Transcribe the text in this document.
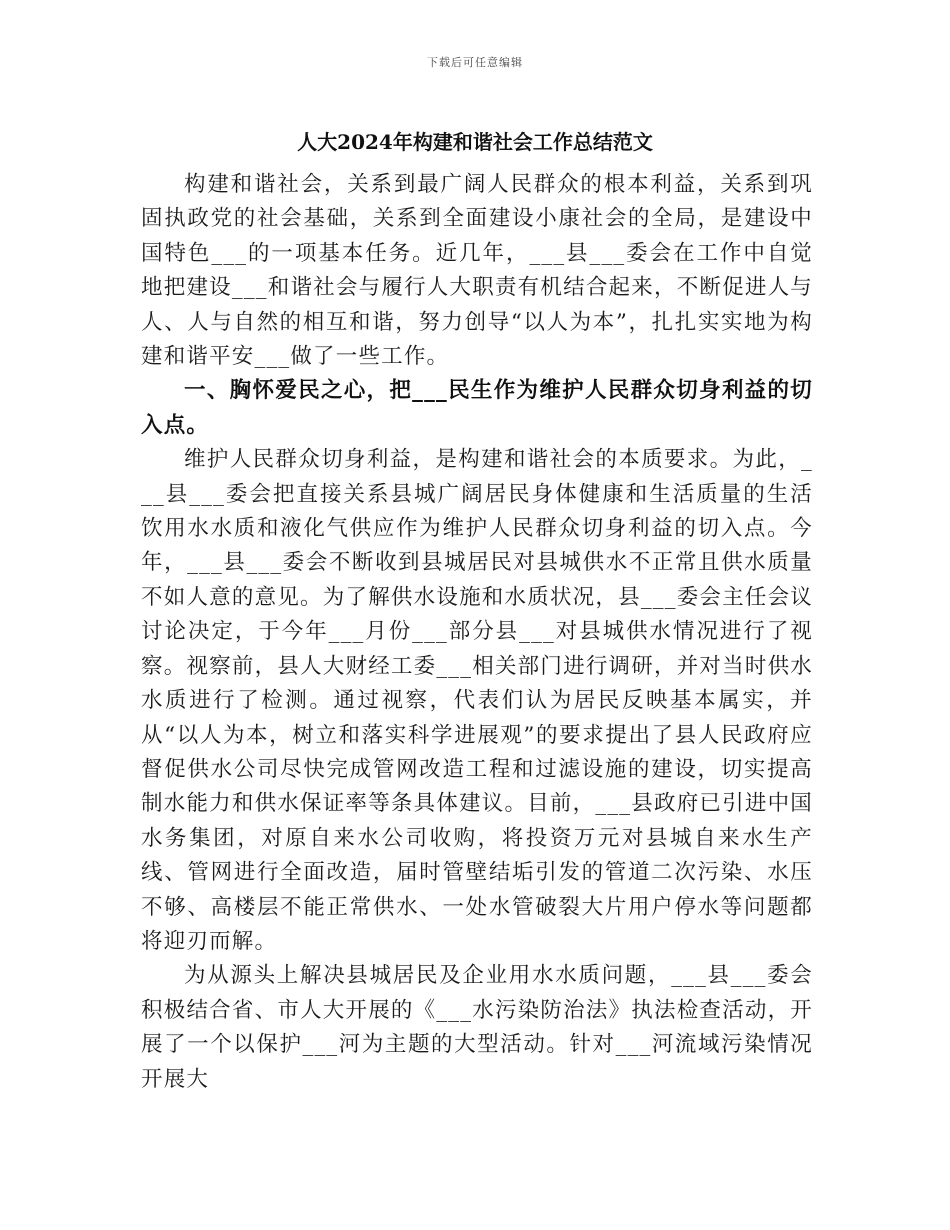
下载后可任意编辑
人大2024年构建和谐社会工作总结范文

构建和谐社会，关系到最广阔人民群众的根本利益，关系到巩固执政党的社会基础，关系到全面建设小康社会的全局，是建设中国特色___的一项基本任务。近几年，___县___委会在工作中自觉地把建设___和谐社会与履行人大职责有机结合起来，不断促进人与人、人与自然的相互和谐，努力创导“以人为本”，扎扎实实地为构建和谐平安___做了一些工作。

一、胸怀爱民之心，把___民生作为维护人民群众切身利益的切入点。

维护人民群众切身利益，是构建和谐社会的本质要求。为此，___县___委会把直接关系县城广阔居民身体健康和生活质量的生活饮用水水质和液化气供应作为维护人民群众切身利益的切入点。今年，___县___委会不断收到县城居民对县城供水不正常且供水质量不如人意的意见。为了解供水设施和水质状况，县___委会主任会议讨论决定，于今年___月份___部分县___对县城供水情况进行了视察。视察前，县人大财经工委___相关部门进行调研，并对当时供水水质进行了检测。通过视察，代表们认为居民反映基本属实，并从“以人为本，树立和落实科学进展观”的要求提出了县人民政府应督促供水公司尽快完成管网改造工程和过滤设施的建设，切实提高制水能力和供水保证率等条具体建议。目前，___县政府已引进中国水务集团，对原自来水公司收购，将投资万元对县城自来水生产线、管网进行全面改造，届时管壁结垢引发的管道二次污染、水压不够、高楼层不能正常供水、一处水管破裂大片用户停水等问题都将迎刃而解。

为从源头上解决县城居民及企业用水水质问题，___县___委会积极结合省、市人大开展的《___水污染防治法》执法检查活动，开展了一个以保护___河为主题的大型活动。针对___河流域污染情况开展大
